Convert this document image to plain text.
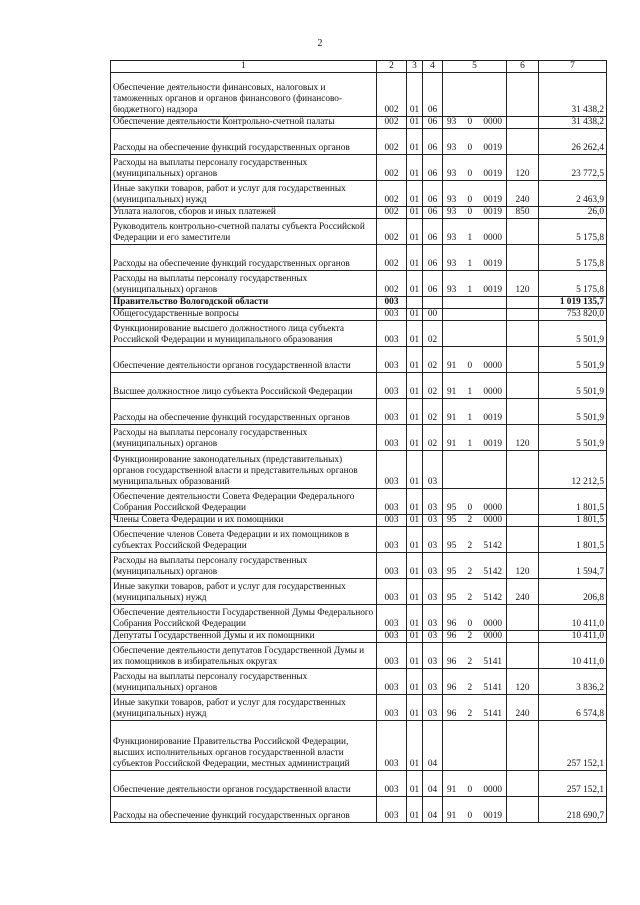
2
1	2	3	4	5	6	7
Обеспечение деятельности финансовых, налоговых и таможенных органов и органов финансового (финансово-бюджетного) надзора	002	01	06			31 438,2
Обеспечение деятельности Контрольно-счетной палаты	002	01	06	93 0 0000		31 438,2
Расходы на обеспечение функций государственных органов	002	01	06	93 0 0019		26 262,4
Расходы на выплаты персоналу государственных (муниципальных) органов	002	01	06	93 0 0019	120	23 772,5
Иные закупки товаров, работ и услуг для государственных (муниципальных) нужд	002	01	06	93 0 0019	240	2 463,9
Уплата налогов, сборов и иных платежей	002	01	06	93 0 0019	850	26,0
Руководитель контрольно-счетной палаты субъекта Российской Федерации и его заместители	002	01	06	93 1 0000		5 175,8
Расходы на обеспечение функций государственных органов	002	01	06	93 1 0019		5 175,8
Расходы на выплаты персоналу государственных (муниципальных) органов	002	01	06	93 1 0019	120	5 175,8
Правительство Вологодской области	003					1 019 135,7
Общегосударственные вопросы	003	01	00			753 820,0
Функционирование высшего должностного лица субъекта Российской Федерации и муниципального образования	003	01	02			5 501,9
Обеспечение деятельности органов государственной власти	003	01	02	91 0 0000		5 501,9
Высшее должностное лицо субъекта Российской Федерации	003	01	02	91 1 0000		5 501,9
Расходы на обеспечение функций государственных органов	003	01	02	91 1 0019		5 501,9
Расходы на выплаты персоналу государственных (муниципальных) органов	003	01	02	91 1 0019	120	5 501,9
Функционирование законодательных (представительных) органов государственной власти и представительных органов муниципальных образований	003	01	03			12 212,5
Обеспечение деятельности Совета Федерации Федерального Собрания Российской Федерации	003	01	03	95 0 0000		1 801,5
Члены Совета Федерации и их помощники	003	01	03	95 2 0000		1 801,5
Обеспечение членов Совета Федерации и их помощников в субъектах Российской Федерации	003	01	03	95 2 5142		1 801,5
Расходы на выплаты персоналу государственных (муниципальных) органов	003	01	03	95 2 5142	120	1 594,7
Иные закупки товаров, работ и услуг для государственных (муниципальных) нужд	003	01	03	95 2 5142	240	206,8
Обеспечение деятельности Государственной Думы Федерального Собрания Российской Федерации	003	01	03	96 0 0000		10 411,0
Депутаты Государственной Думы и их помощники	003	01	03	96 2 0000		10 411,0
Обеспечение деятельности депутатов Государственной Думы и их помощников в избирательных округах	003	01	03	96 2 5141		10 411,0
Расходы на выплаты персоналу государственных (муниципальных) органов	003	01	03	96 2 5141	120	3 836,2
Иные закупки товаров, работ и услуг для государственных (муниципальных) нужд	003	01	03	96 2 5141	240	6 574,8
Функционирование Правительства Российской Федерации, высших исполнительных органов государственной власти субъектов Российской Федерации, местных администраций	003	01	04			257 152,1
Обеспечение деятельности органов государственной власти	003	01	04	91 0 0000		257 152,1
Расходы на обеспечение функций государственных органов	003	01	04	91 0 0019		218 690,7
